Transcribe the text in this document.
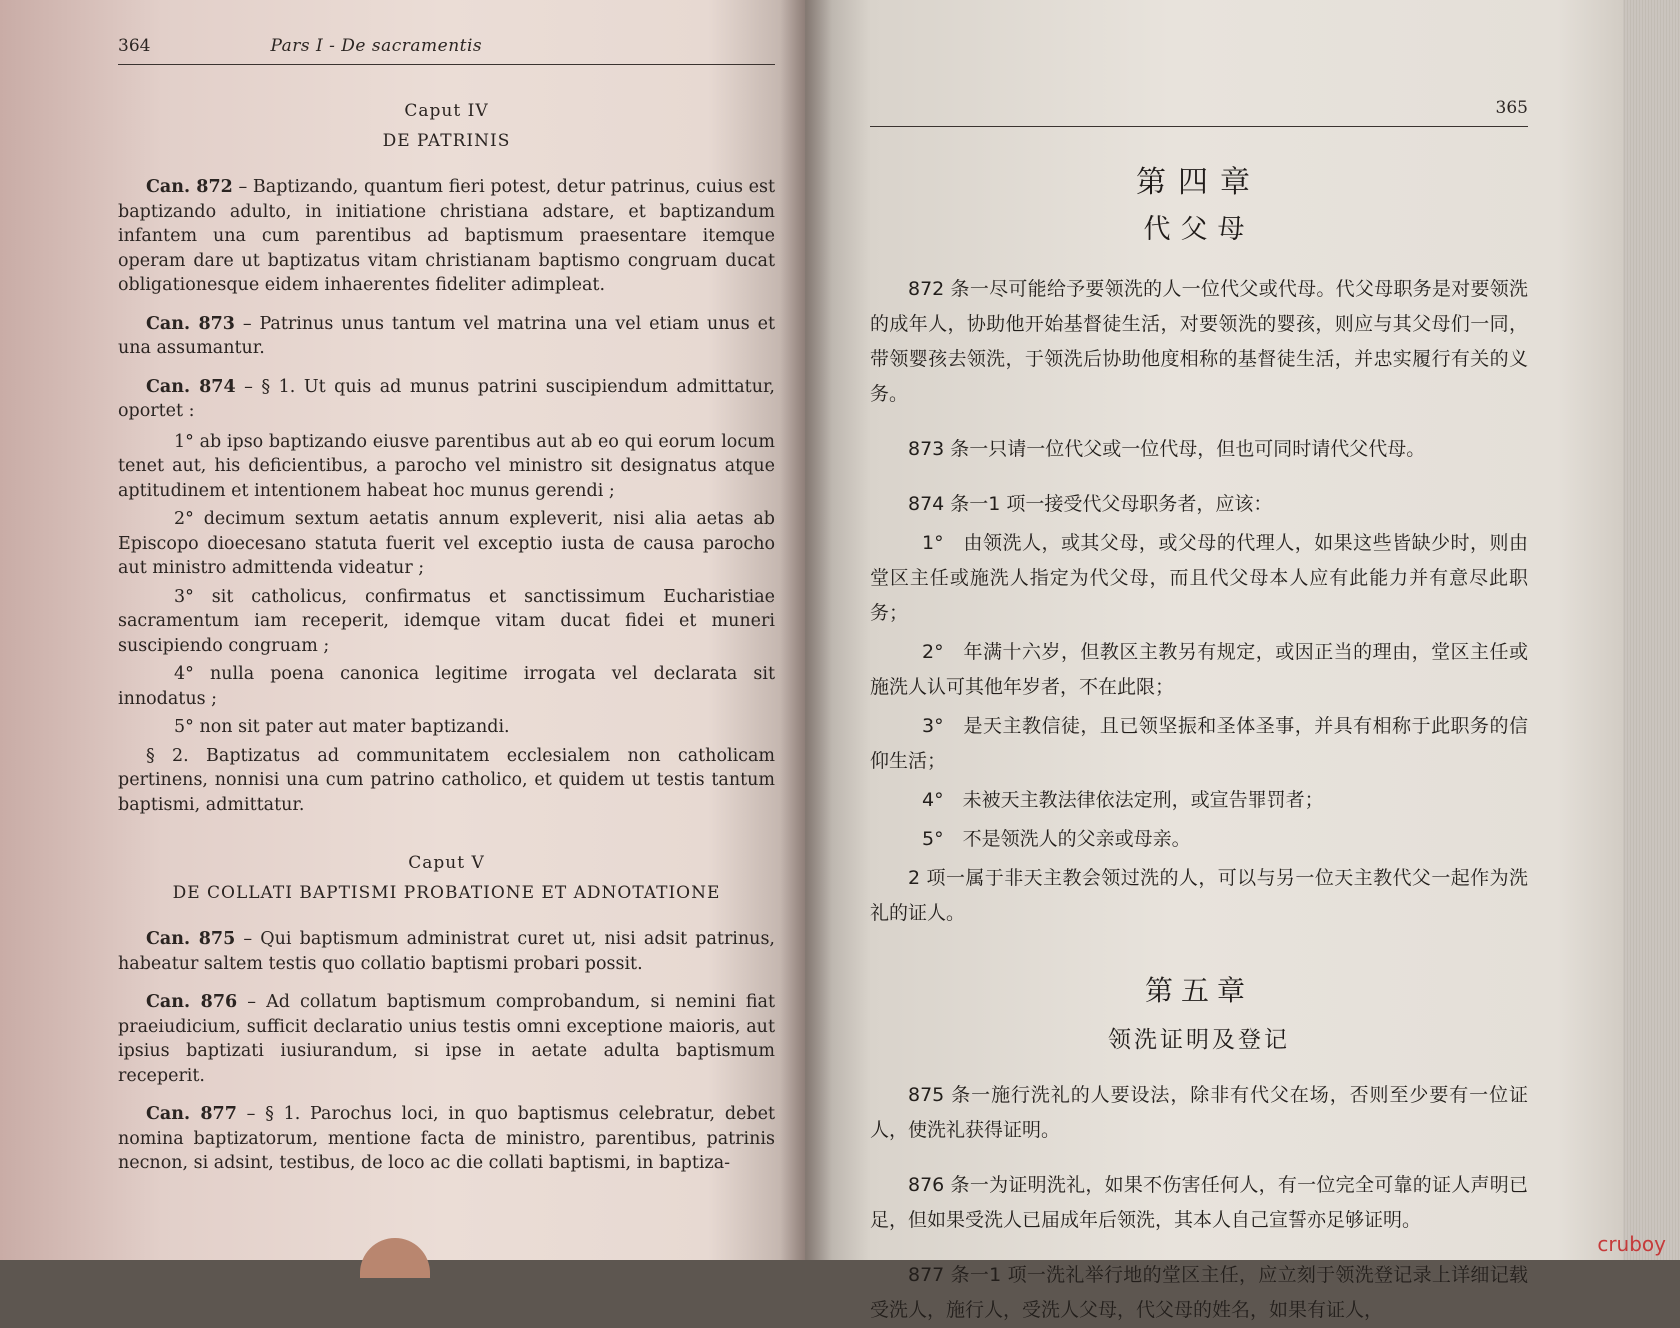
364	Pars I - De sacramentis
Caput IV
DE PATRINIS

Can. 872 – Baptizando, quantum fieri potest, detur patrinus, cuius est baptizando adulto, in initiatione christiana adstare, et baptizandum infantem una cum parentibus ad baptismum praesentare itemque operam dare ut baptizatus vitam christianam baptismo congruam ducat obligationesque eidem inhaerentes fideliter adimpleat.

Can. 873 – Patrinus unus tantum vel matrina una vel etiam unus et una assumantur.

Can. 874 – § 1. Ut quis ad munus patrini suscipiendum admittatur, oportet :

1° ab ipso baptizando eiusve parentibus aut ab eo qui eorum locum tenet aut, his deficientibus, a parocho vel ministro sit designatus atque aptitudinem et intentionem habeat hoc munus gerendi ;

2° decimum sextum aetatis annum expleverit, nisi alia aetas ab Episcopo dioecesano statuta fuerit vel exceptio iusta de causa parocho aut ministro admittenda videatur ;

3° sit catholicus, confirmatus et sanctissimum Eucharistiae sacramentum iam receperit, idemque vitam ducat fidei et muneri suscipiendo congruam ;

4° nulla poena canonica legitime irrogata vel declarata sit innodatus ;

5° non sit pater aut mater baptizandi.

§ 2. Baptizatus ad communitatem ecclesialem non catholicam pertinens, nonnisi una cum patrino catholico, et quidem ut testis tantum baptismi, admittatur.

Caput V
DE COLLATI BAPTISMI PROBATIONE ET ADNOTATIONE

Can. 875 – Qui baptismum administrat curet ut, nisi adsit patrinus, habeatur saltem testis quo collatio baptismi probari possit.

Can. 876 – Ad collatum baptismum comprobandum, si nemini fiat praeiudicium, sufficit declaratio unius testis omni exceptione maioris, aut ipsius baptizati iusiurandum, si ipse in aetate adulta baptismum receperit.

Can. 877 – § 1. Parochus loci, in quo baptismus celebratur, debet nomina baptizatorum, mentione facta de ministro, parentibus, patrinis necnon, si adsint, testibus, de loco ac die collati baptismi, in baptiza-

365
第四章
代父母

872 条一尽可能给予要领洗的人一位代父或代母。代父母职务是对要领洗的成年人，协助他开始基督徒生活，对要领洗的婴孩，则应与其父母们一同，带领婴孩去领洗，于领洗后协助他度相称的基督徒生活，并忠实履行有关的义务。

873 条一只请一位代父或一位代母，但也可同时请代父代母。

874 条一1 项一接受代父母职务者，应该：

1°　由领洗人，或其父母，或父母的代理人，如果这些皆缺少时，则由堂区主任或施洗人指定为代父母，而且代父母本人应有此能力并有意尽此职务；

2°　年满十六岁，但教区主教另有规定，或因正当的理由，堂区主任或施洗人认可其他年岁者，不在此限；

3°　是天主教信徒，且已领坚振和圣体圣事，并具有相称于此职务的信仰生活；

4°　未被天主教法律依法定刑，或宣告罪罚者；

5°　不是领洗人的父亲或母亲。

2 项一属于非天主教会领过洗的人，可以与另一位天主教代父一起作为洗礼的证人。

第五章
领洗证明及登记

875 条一施行洗礼的人要设法，除非有代父在场，否则至少要有一位证人，使洗礼获得证明。

876 条一为证明洗礼，如果不伤害任何人，有一位完全可靠的证人声明已足，但如果受洗人已届成年后领洗，其本人自己宣誓亦足够证明。

877 条一1 项一洗礼举行地的堂区主任，应立刻于领洗登记录上详细记载受洗人，施行人，受洗人父母，代父母的姓名，如果有证人，

cruboy
